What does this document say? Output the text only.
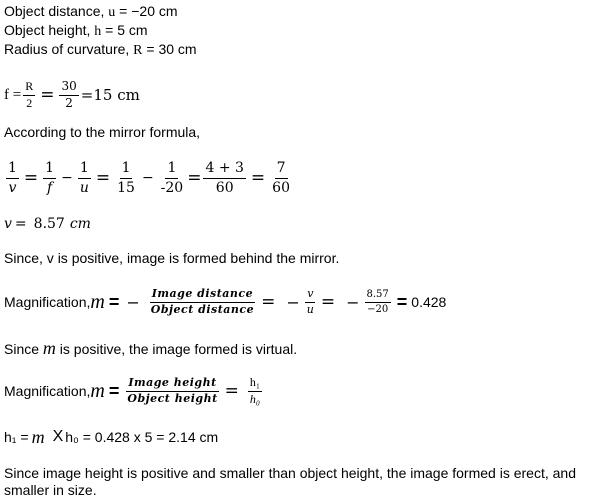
Object distance, u = −20 cm
Object height, h = 5 cm
Radius of curvature, R = 30 cm
$f = \frac{R}{2} = \frac{30}{2} =15$ cm
According to the mirror formula,
$\frac{1}{v} = \frac{1}{f} - \frac{1}{u} = \frac{1}{15} - \frac{1}{-20} = \frac{4 + 3}{60} = \frac{7}{60}$
v = 8.57 cm
Since, v is positive, image is formed behind the mirror.
Magnification, m = − $\frac{\text{Image distance}}{\text{Object distance}}$ = − $\frac{v}{u}$ = − $\frac{8.57}{-20} = 0.428$
Since m is positive, the image formed is virtual.
Magnification, $m = \frac{\text{Image height}}{\text{Object height}} = \frac{\text{h₁}}{\text{h₀}}$
h₁ = m X h₀ = 0.428 x 5 = 2.14 cm
Since image height is positive and smaller than object height, the image formed is erect, and
smaller in size.
